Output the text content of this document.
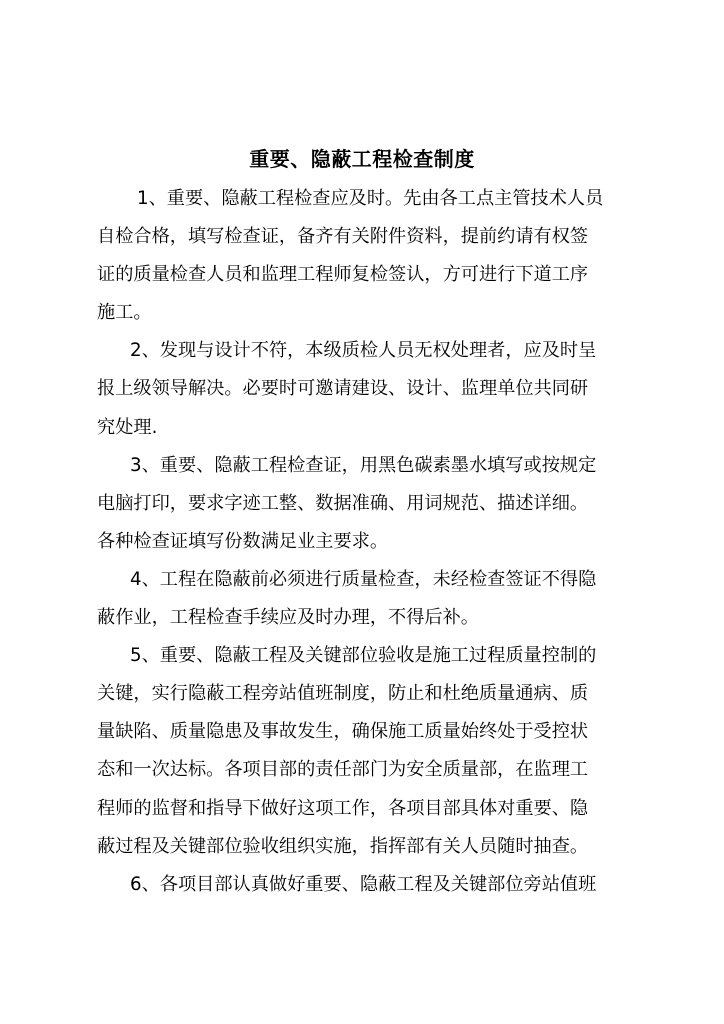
重要、隐蔽工程检查制度
1、重要、隐蔽工程检查应及时。先由各工点主管技术人员
自检合格，填写检查证，备齐有关附件资料，提前约请有权签
证的质量检查人员和监理工程师复检签认，方可进行下道工序
施工。
2、发现与设计不符，本级质检人员无权处理者，应及时呈
报上级领导解决。必要时可邀请建设、设计、监理单位共同研
究处理.
3、重要、隐蔽工程检查证，用黑色碳素墨水填写或按规定
电脑打印，要求字迹工整、数据准确、用词规范、描述详细。
各种检查证填写份数满足业主要求。
4、工程在隐蔽前必须进行质量检查，未经检查签证不得隐
蔽作业，工程检查手续应及时办理，不得后补。
5、重要、隐蔽工程及关键部位验收是施工过程质量控制的
关键，实行隐蔽工程旁站值班制度，防止和杜绝质量通病、质
量缺陷、质量隐患及事故发生，确保施工质量始终处于受控状
态和一次达标。各项目部的责任部门为安全质量部，在监理工
程师的监督和指导下做好这项工作，各项目部具体对重要、隐
蔽过程及关键部位验收组织实施，指挥部有关人员随时抽查。
6、各项目部认真做好重要、隐蔽工程及关键部位旁站值班
